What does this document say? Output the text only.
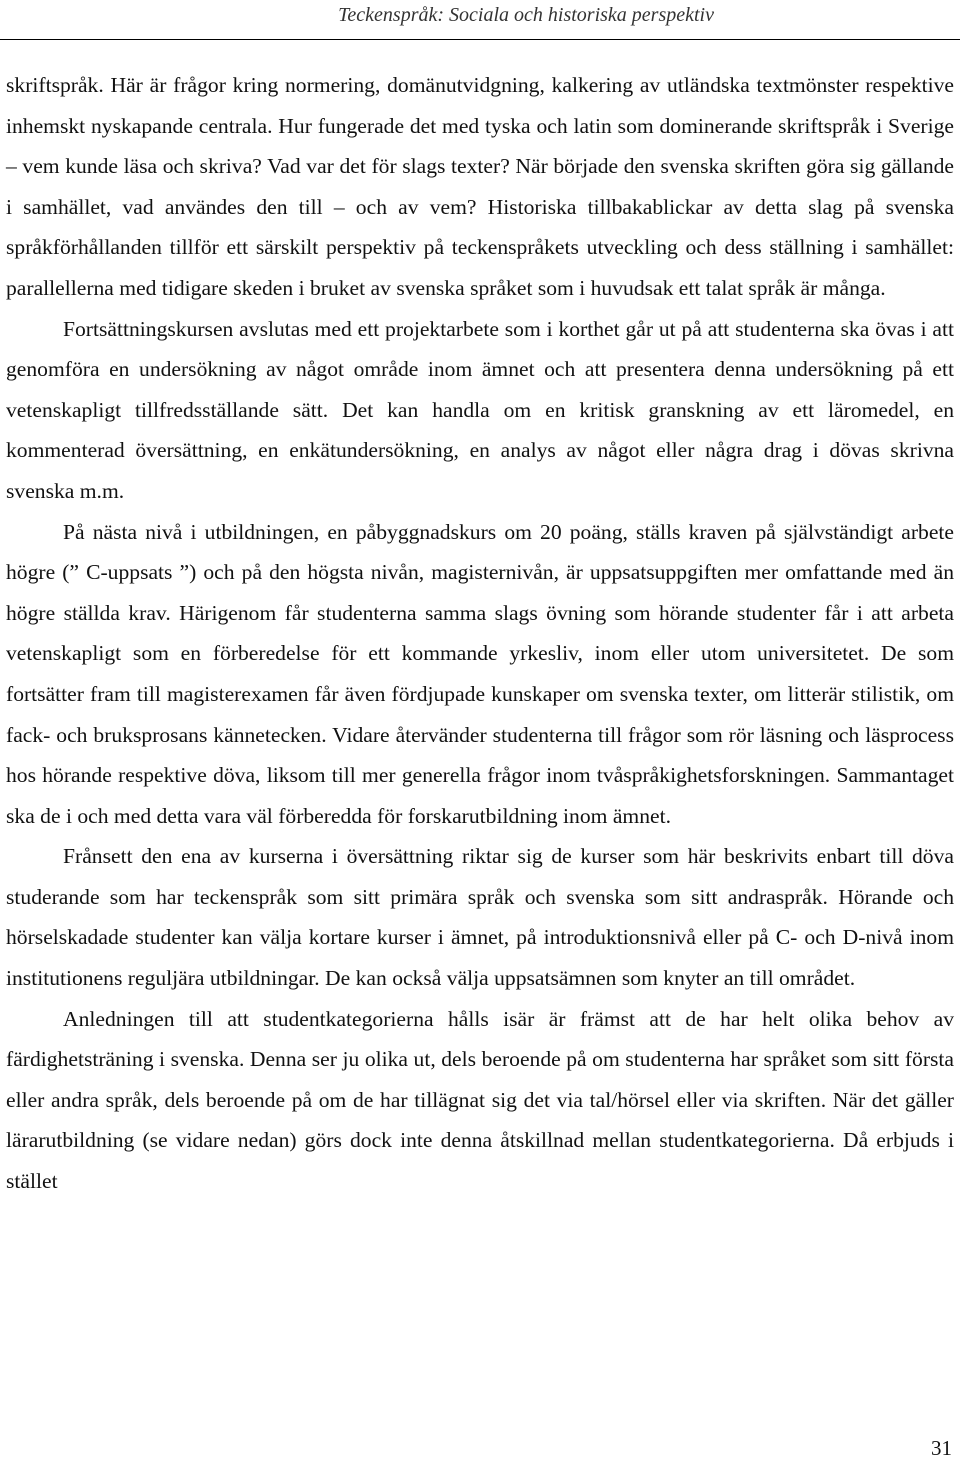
Teckenspråk: Sociala och historiska perspektiv

skriftspråk. Här är frågor kring normering, domänutvidgning, kalkering av utländska textmönster respektive inhemskt nyskapande centrala. Hur fungerade det med tyska och latin som dominerande skriftspråk i Sverige – vem kunde läsa och skriva? Vad var det för slags texter? När började den svenska skriften göra sig gällande i samhället, vad användes den till – och av vem? Historiska tillbakablickar av detta slag på svenska språkförhållanden tillför ett särskilt perspektiv på teckenspråkets utveckling och dess ställning i samhället: parallellerna med tidigare skeden i bruket av svenska språket som i huvudsak ett talat språk är många.

Fortsättningskursen avslutas med ett projektarbete som i korthet går ut på att studenterna ska övas i att genomföra en undersökning av något område inom ämnet och att presentera denna undersökning på ett vetenskapligt tillfredsställande sätt. Det kan handla om en kritisk granskning av ett läromedel, en kommenterad översättning, en enkätundersökning, en analys av något eller några drag i dövas skrivna svenska m.m.

På nästa nivå i utbildningen, en påbyggnadskurs om 20 poäng, ställs kraven på självständigt arbete högre (” C-uppsats ”) och på den högsta nivån, magisternivån, är uppsatsuppgiften mer omfattande med än högre ställda krav. Härigenom får studenterna samma slags övning som hörande studenter får i att arbeta vetenskapligt som en förberedelse för ett kommande yrkesliv, inom eller utom universitetet. De som fortsätter fram till magisterexamen får även fördjupade kunskaper om svenska texter, om litterär stilistik, om fack- och bruksprosans kännetecken. Vidare återvänder studenterna till frågor som rör läsning och läsprocess hos hörande respektive döva, liksom till mer generella frågor inom tvåspråkighetsforskningen. Sammantaget ska de i och med detta vara väl förberedda för forskarutbildning inom ämnet.

Frånsett den ena av kurserna i översättning riktar sig de kurser som här beskrivits enbart till döva studerande som har teckenspråk som sitt primära språk och svenska som sitt andraspråk. Hörande och hörselskadade studenter kan välja kortare kurser i ämnet, på introduktionsnivå eller på C- och D-nivå inom institutionens reguljära utbildningar. De kan också välja uppsatsämnen som knyter an till området.

Anledningen till att studentkategorierna hålls isär är främst att de har helt olika behov av färdighetsträning i svenska. Denna ser ju olika ut, dels beroende på om studenterna har språket som sitt första eller andra språk, dels beroende på om de har tillägnat sig det via tal/hörsel eller via skriften. När det gäller lärarutbildning (se vidare nedan) görs dock inte denna åtskillnad mellan studentkategorierna. Då erbjuds i stället

31
